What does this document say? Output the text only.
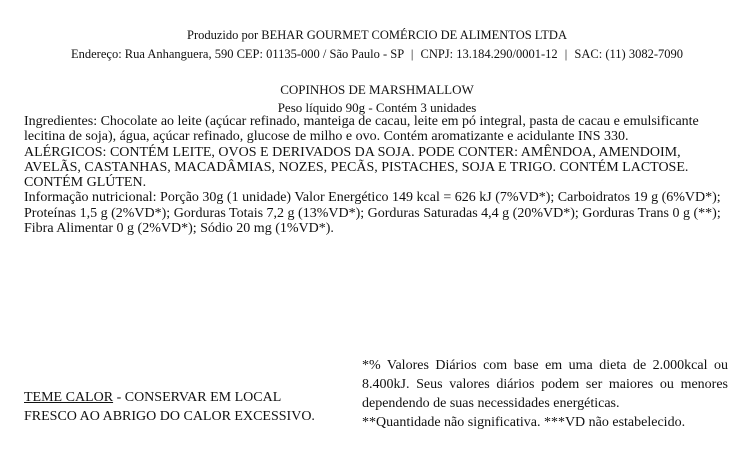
Produzido por BEHAR GOURMET COMÉRCIO DE ALIMENTOS LTDA
Endereço: Rua Anhanguera, 590 CEP: 01135-000 / São Paulo - SP | CNPJ: 13.184.290/0001-12 | SAC: (11) 3082-7090
COPINHOS DE MARSHMALLOW
Peso líquido 90g - Contém 3 unidades

Ingredientes: Chocolate ao leite (açúcar refinado, manteiga de cacau, leite em pó integral, pasta de cacau e emulsificante lecitina de soja), água, açúcar refinado, glucose de milho e ovo. Contém aromatizante e acidulante INS 330.

ALÉRGICOS: CONTÉM LEITE, OVOS E DERIVADOS DA SOJA. PODE CONTER: AMÊNDOA, AMENDOIM, AVELÃS, CASTANHAS, MACADÂMIAS, NOZES, PECÃS, PISTACHES, SOJA E TRIGO. CONTÉM LACTOSE. CONTÉM GLÚTEN.

Informação nutricional: Porção 30g (1 unidade) Valor Energético 149 kcal = 626 kJ (7%VD*); Carboidratos 19 g (6%VD*); Proteínas 1,5 g (2%VD*); Gorduras Totais 7,2 g (13%VD*); Gorduras Saturadas 4,4 g (20%VD*); Gorduras Trans 0 g (**); Fibra Alimentar 0 g (2%VD*); Sódio 20 mg (1%VD*).

TEME CALOR - CONSERVAR EM LOCAL
FRESCO AO ABRIGO DO CALOR EXCESSIVO.

*% Valores Diários com base em uma dieta de 2.000kcal ou 8.400kJ. Seus valores diários podem ser maiores ou menores dependendo de suas necessidades energéticas.

**Quantidade não significativa. ***VD não estabelecido.
